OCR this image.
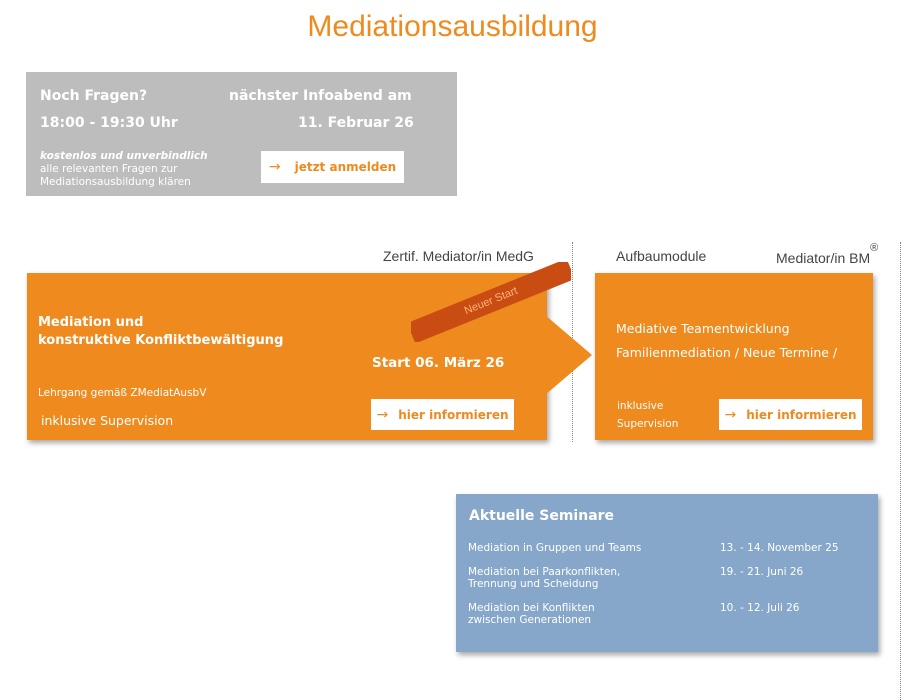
Mediationsausbildung
Noch Fragen?	nächster Infoabend am
18:00 - 19:30 Uhr	11. Februar 26
kostenlos und unverbindlich
alle relevanten Fragen zur
Mediationsausbildung klären
→ jetzt anmelden
Zertif. Mediator/in MedG	Aufbaumodule	Mediator/in BM®
Mediation und
konstruktive Konfliktbewältigung
Start 06. März 26
Lehrgang gemäß ZMediatAusbV
inklusive Supervision	→ hier informieren
Neuer Start
Mediative Teamentwicklung
Familienmediation / Neue Termine /
inklusive
Supervision
→ hier informieren
Aktuelle Seminare
Mediation in Gruppen und Teams	13. - 14. November 25
Mediation bei Paarkonflikten,
Trennung und Scheidung
19. - 21. Juni 26
Mediation bei Konflikten
zwischen Generationen
10. - 12. Juli 26
